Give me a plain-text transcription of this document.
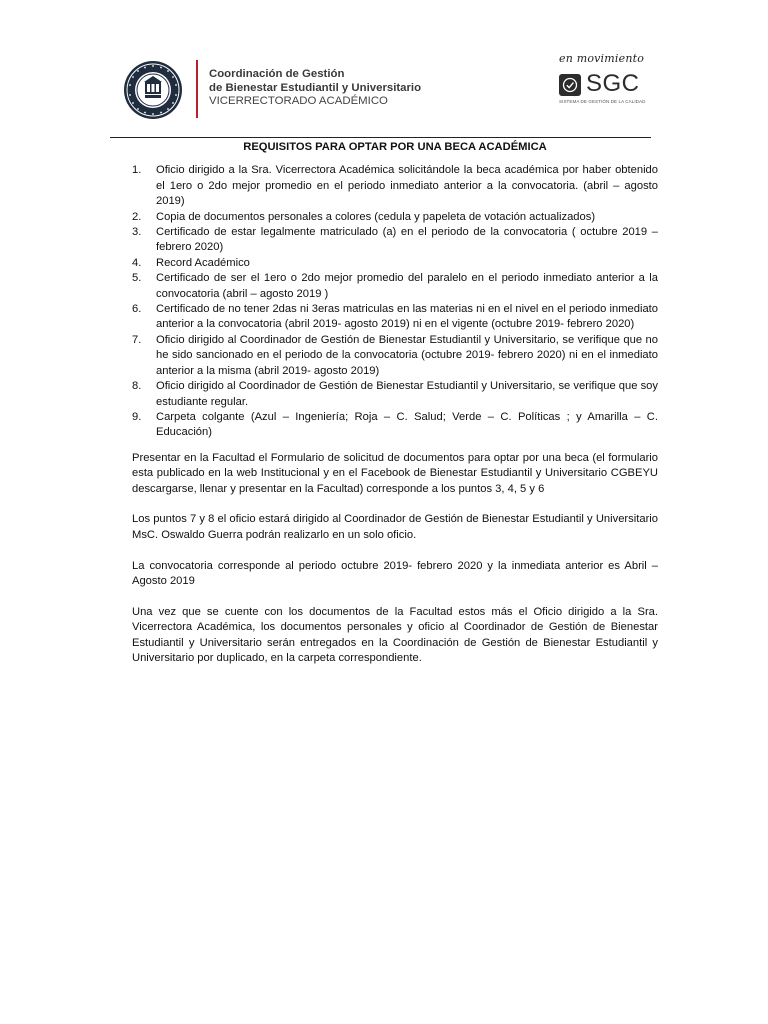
Coordinación de Gestión
de Bienestar Estudiantil y Universitario
VICERRECTORADO ACADÉMICO
en movimiento
SGC
SISTEMA DE GESTIÓN DE LA CALIDAD
REQUISITOS PARA OPTAR POR UNA BECA ACADÉMICA
1. Oficio dirigido a la Sra. Vicerrectora Académica solicitándole la beca académica por haber obtenido el 1ero o 2do mejor promedio en el periodo inmediato anterior a la convocatoria. (abril – agosto 2019)
2. Copia de documentos personales a colores (cedula y papeleta de votación actualizados)
3. Certificado de estar legalmente matriculado (a) en el periodo de la convocatoria ( octubre 2019 – febrero 2020)
4. Record Académico
5. Certificado de ser el 1ero o 2do mejor promedio del paralelo en el periodo inmediato anterior a la convocatoria (abril – agosto 2019 )
6. Certificado de no tener 2das ni 3eras matriculas en las materias ni en el nivel en el periodo inmediato anterior a la convocatoria (abril 2019- agosto 2019) ni en el vigente (octubre 2019- febrero 2020)
7. Oficio dirigido al Coordinador de Gestión de Bienestar Estudiantil y Universitario, se verifique que no he sido sancionado en el periodo de la convocatoria (octubre 2019- febrero 2020) ni en el inmediato anterior a la misma (abril 2019- agosto 2019)
8. Oficio dirigido al Coordinador de Gestión de Bienestar Estudiantil y Universitario, se verifique que soy estudiante regular.
9. Carpeta colgante (Azul – Ingeniería; Roja – C. Salud; Verde – C. Políticas ; y Amarilla – C. Educación)

Presentar en la Facultad el Formulario de solicitud de documentos para optar por una beca (el formulario esta publicado en la web Institucional y en el Facebook de Bienestar Estudiantil y Universitario CGBEYU descargarse, llenar y presentar en la Facultad) corresponde a los puntos 3, 4, 5 y 6

Los puntos 7 y 8 el oficio estará dirigido al Coordinador de Gestión de Bienestar Estudiantil y Universitario MsC. Oswaldo Guerra podrán realizarlo en un solo oficio.

La convocatoria corresponde al periodo octubre 2019- febrero 2020 y la inmediata anterior es Abril – Agosto 2019

Una vez que se cuente con los documentos de la Facultad estos más el Oficio dirigido a la Sra. Vicerrectora Académica, los documentos personales y oficio al Coordinador de Gestión de Bienestar Estudiantil y Universitario serán entregados en la Coordinación de Gestión de Bienestar Estudiantil y Universitario por duplicado, en la carpeta correspondiente.
